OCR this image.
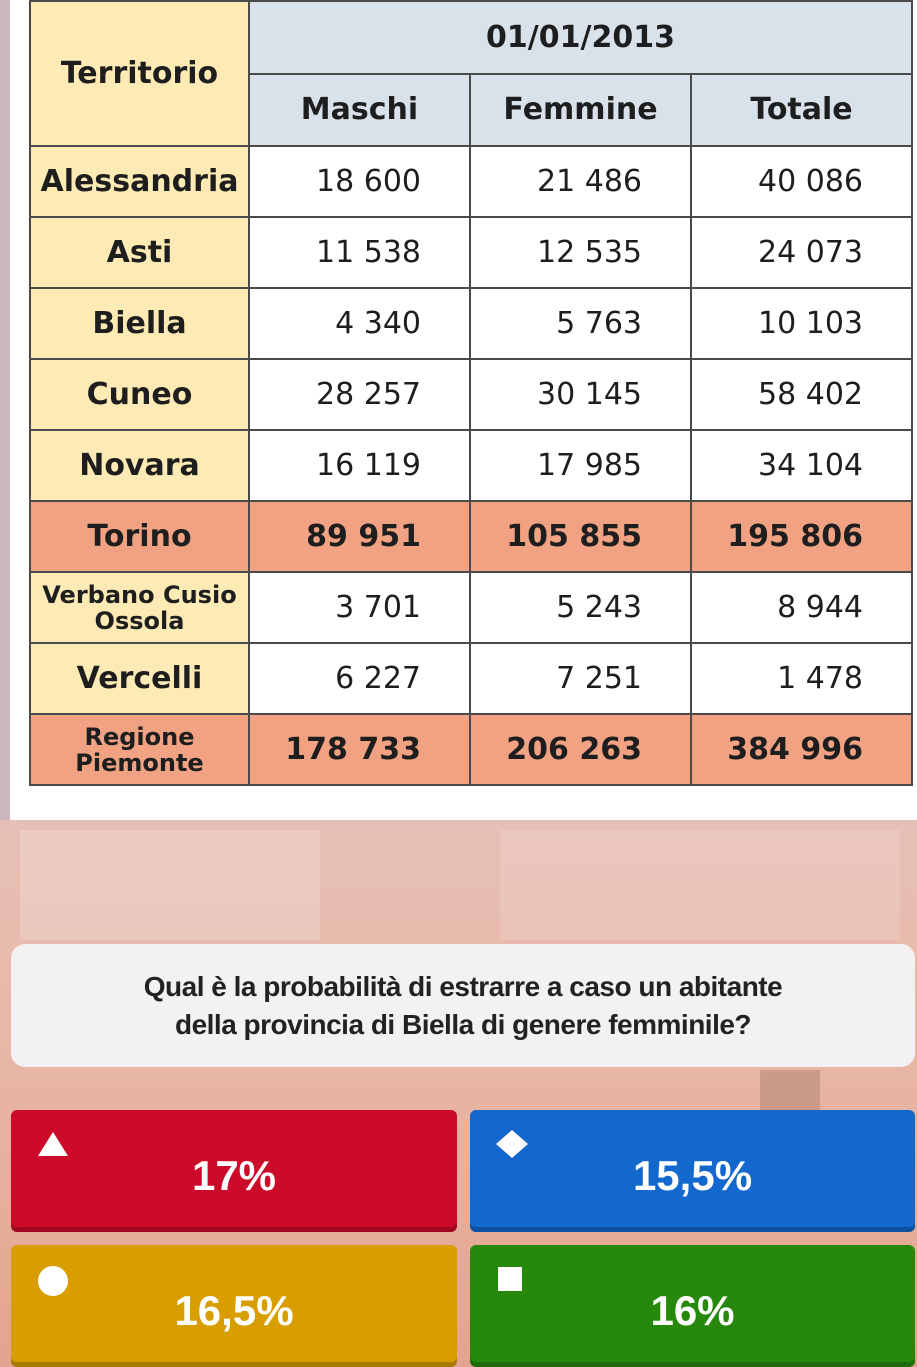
Territorio	01/01/2013		
	Maschi	Femmine	Totale
Alessandria	18 600	21 486	40 086
Asti	11 538	12 535	24 073
Biella	4 340	5 763	10 103
Cuneo	28 257	30 145	58 402
Novara	16 119	17 985	34 104
Torino	89 951	105 855	195 806

Verbano Cusio
Ossola	3 701	5 243	8 944
Vercelli	6 227	7 251	1 478

Regione
Piemonte	178 733	206 263	384 996
Qual è la probabilità di estrarre a caso un abitante
della provincia di Biella di genere femminile?
17%	15,5%
16,5%	16%
